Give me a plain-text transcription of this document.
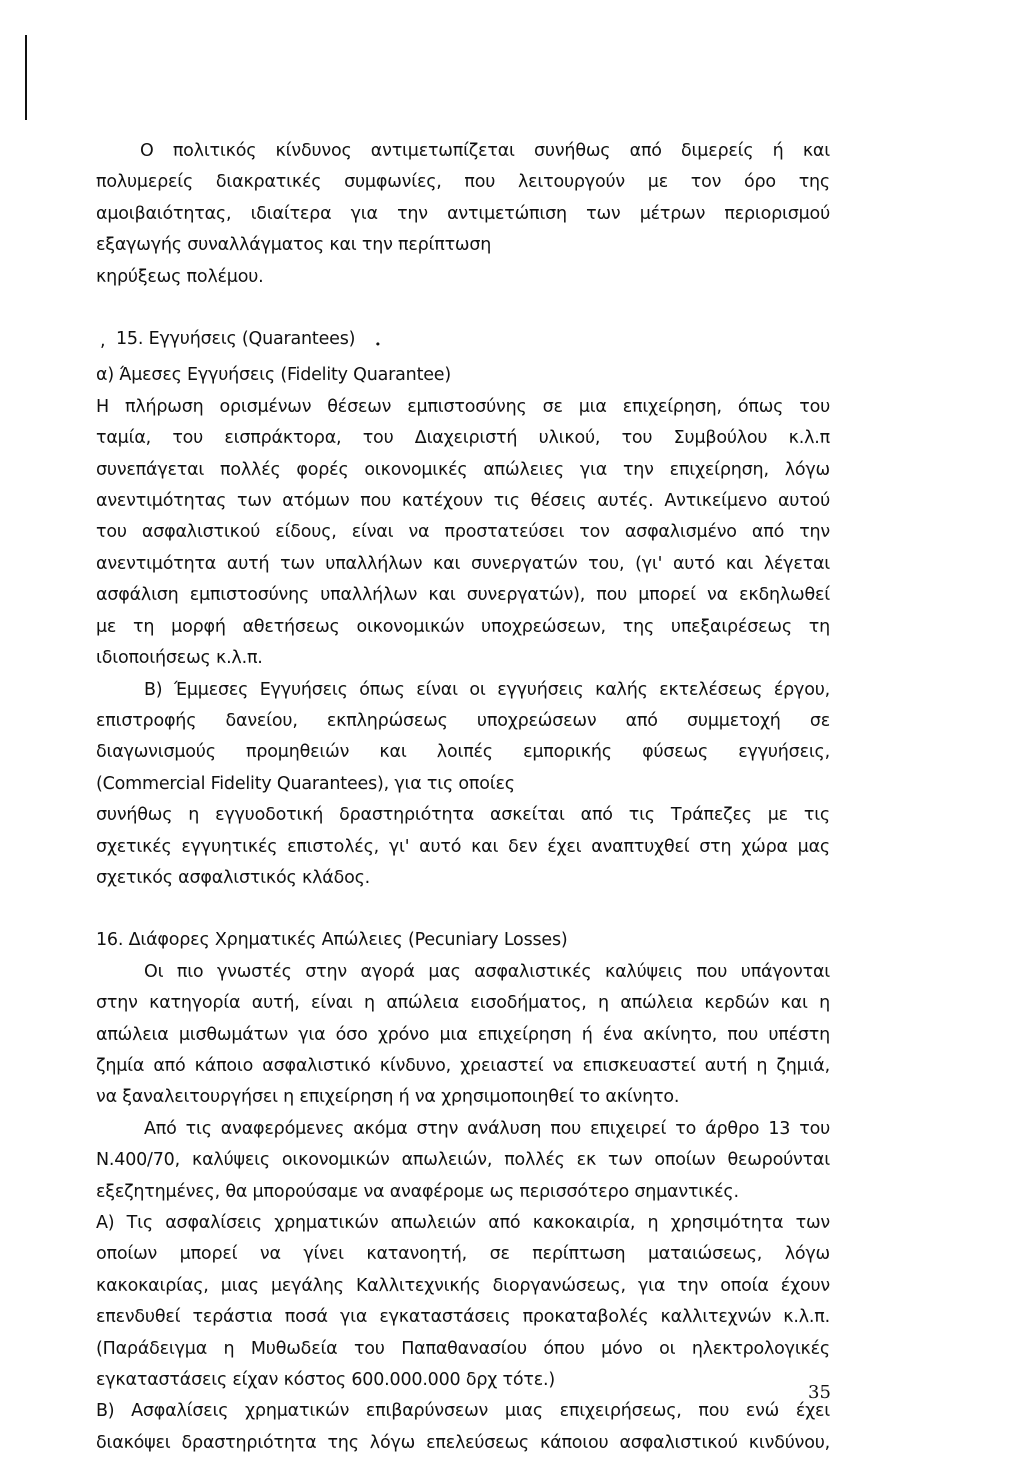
Ο πολιτικός κίνδυνος αντιμετωπίζεται συνήθως από διμερείς ή και
πολυμερείς διακρατικές συμφωνίες, που λειτουργούν με τον όρο της
αμοιβαιότητας, ιδιαίτερα για την αντιμετώπιση των μέτρων περιορισμού
εξαγωγής συναλλάγματος και την περίπτωση
κηρύξεως πολέμου.
, 15. Εγγυήσεις (Quarantees) •
α) Άμεσες Εγγυήσεις (Fidelity Quarantee)
Η πλήρωση ορισμένων θέσεων εμπιστοσύνης σε μια επιχείρηση, όπως του
ταμία, του εισπράκτορα, του Διαχειριστή υλικού, του Συμβούλου κ.λ.π
συνεπάγεται πολλές φορές οικονομικές απώλειες για την επιχείρηση, λόγω
ανεντιμότητας των ατόμων που κατέχουν τις θέσεις αυτές. Αντικείμενο αυτού
του ασφαλιστικού είδους, είναι να προστατεύσει τον ασφαλισμένο από την
ανεντιμότητα αυτή των υπαλλήλων και συνεργατών του, (γι' αυτό και λέγεται
ασφάλιση εμπιστοσύνης υπαλλήλων και συνεργατών), που μπορεί να εκδηλωθεί
με τη μορφή αθετήσεως οικονομικών υποχρεώσεων, της υπεξαιρέσεως τη
ιδιοποιήσεως κ.λ.π.
Β) Έμμεσες Εγγυήσεις όπως είναι οι εγγυήσεις καλής εκτελέσεως έργου,
επιστροφής δανείου, εκπληρώσεως υποχρεώσεων από συμμετοχή σε
διαγωνισμούς προμηθειών και λοιπές εμπορικής φύσεως εγγυήσεις,
(Commercial Fidelity Quarantees), για τις οποίες
συνήθως η εγγυοδοτική δραστηριότητα ασκείται από τις Τράπεζες με τις
σχετικές εγγυητικές επιστολές, γι' αυτό και δεν έχει αναπτυχθεί στη χώρα μας
σχετικός ασφαλιστικός κλάδος.
16. Διάφορες Χρηματικές Απώλειες (Pecuniary Losses)
Οι πιο γνωστές στην αγορά μας ασφαλιστικές καλύψεις που υπάγονται
στην κατηγορία αυτή, είναι η απώλεια εισοδήματος, η απώλεια κερδών και η
απώλεια μισθωμάτων για όσο χρόνο μια επιχείρηση ή ένα ακίνητο, που υπέστη
ζημία από κάποιο ασφαλιστικό κίνδυνο, χρειαστεί να επισκευαστεί αυτή η ζημιά,
να ξαναλειτουργήσει η επιχείρηση ή να χρησιμοποιηθεί το ακίνητο.
Από τις αναφερόμενες ακόμα στην ανάλυση που επιχειρεί το άρθρο 13 του
Ν.400/70, καλύψεις οικονομικών απωλειών, πολλές εκ των οποίων θεωρούνται
εξεζητημένες, θα μπορούσαμε να αναφέρομε ως περισσότερο σημαντικές.
Α) Τις ασφαλίσεις χρηματικών απωλειών από κακοκαιρία, η χρησιμότητα των
οποίων μπορεί να γίνει κατανοητή, σε περίπτωση ματαιώσεως, λόγω
κακοκαιρίας, μιας μεγάλης Καλλιτεχνικής διοργανώσεως, για την οποία έχουν
επενδυθεί τεράστια ποσά για εγκαταστάσεις προκαταβολές καλλιτεχνών κ.λ.π.
(Παράδειγμα η Μυθωδεία του Παπαθανασίου όπου μόνο οι ηλεκτρολογικές
εγκαταστάσεις είχαν κόστος 600.000.000 δρχ τότε.)
Β) Ασφαλίσεις χρηματικών επιβαρύνσεων μιας επιχειρήσεως, που ενώ έχει
διακόψει δραστηριότητα της λόγω επελεύσεως κάποιου ασφαλιστικού κινδύνου,
35
